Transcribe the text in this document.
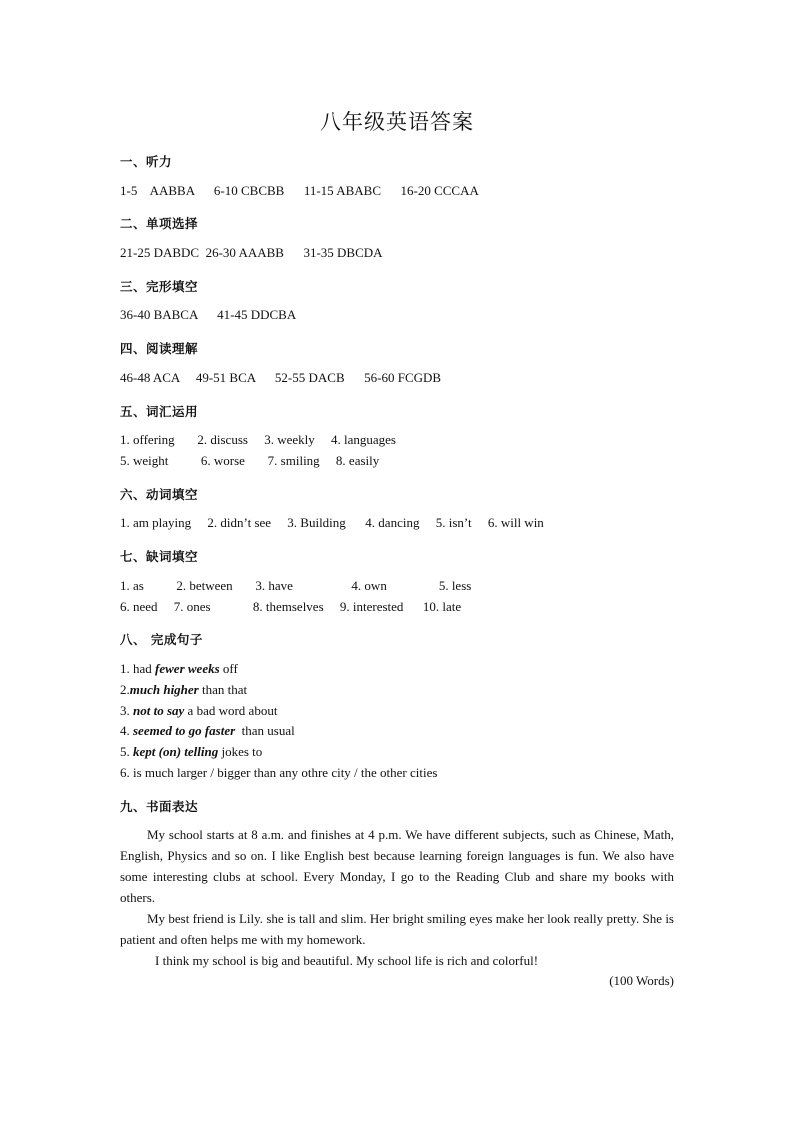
八年级英语答案
一、听力
1-5    AABBA      6-10 CBCBB      11-15 ABABC      16-20 CCCAA
二、单项选择
21-25 DABDC  26-30 AAABB      31-35 DBCDA
三、完形填空
36-40 BABCA      41-45 DDCBA
四、阅读理解
46-48 ACA     49-51 BCA      52-55 DACB      56-60 FCGDB
五、词汇运用
1. offering       2. discuss     3. weekly     4. languages
5. weight          6. worse       7. smiling     8. easily
六、动词填空
1. am playing     2. didn’t see     3. Building      4. dancing     5. isn’t     6. will win
七、缺词填空
1. as          2. between       3. have                  4. own                5. less
6. need     7. ones             8. themselves     9. interested      10. late
八、 完成句子
1. had fewer weeks off
2.much higher than that
3. not to say a bad word about
4. seemed to go faster  than usual
5. kept (on) telling jokes to
6. is much larger / bigger than any othre city / the other cities
九、书面表达
My school starts at 8 a.m. and finishes at 4 p.m. We have different subjects, such as Chinese, Math, English, Physics and so on. I like English best because learning foreign languages is fun. We also have some interesting clubs at school. Every Monday, I go to the Reading Club and share my books with others.
My best friend is Lily. she is tall and slim. Her bright smiling eyes make her look really pretty. She is patient and often helps me with my homework.
I think my school is big and beautiful. My school life is rich and colorful!
(100 Words)
